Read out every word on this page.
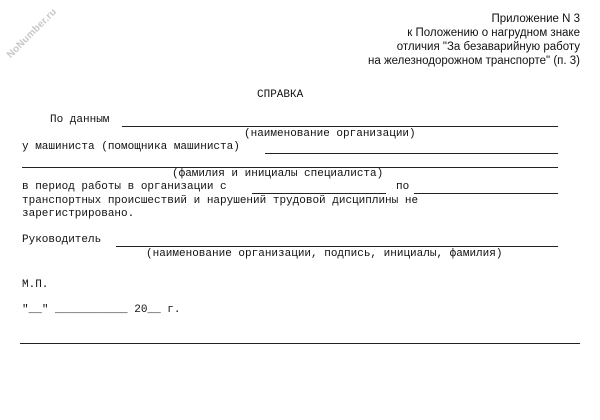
NoNumber.ru	Приложение N 3
к Положению о нагрудном знаке
отличия "За безаварийную работу
на железнодорожном транспорте" (п. 3)
СПРАВКА
По данным
(наименование организации)
у машиниста (помощника машиниста)
(фамилия и инициалы специалиста)
в период работы в организации с	по
транспортных происшествий и нарушений трудовой дисциплины не
зарегистрировано.
Руководитель
(наименование организации, подпись, инициалы, фамилия)
М.П.
"__" ___________ 20__ г.
